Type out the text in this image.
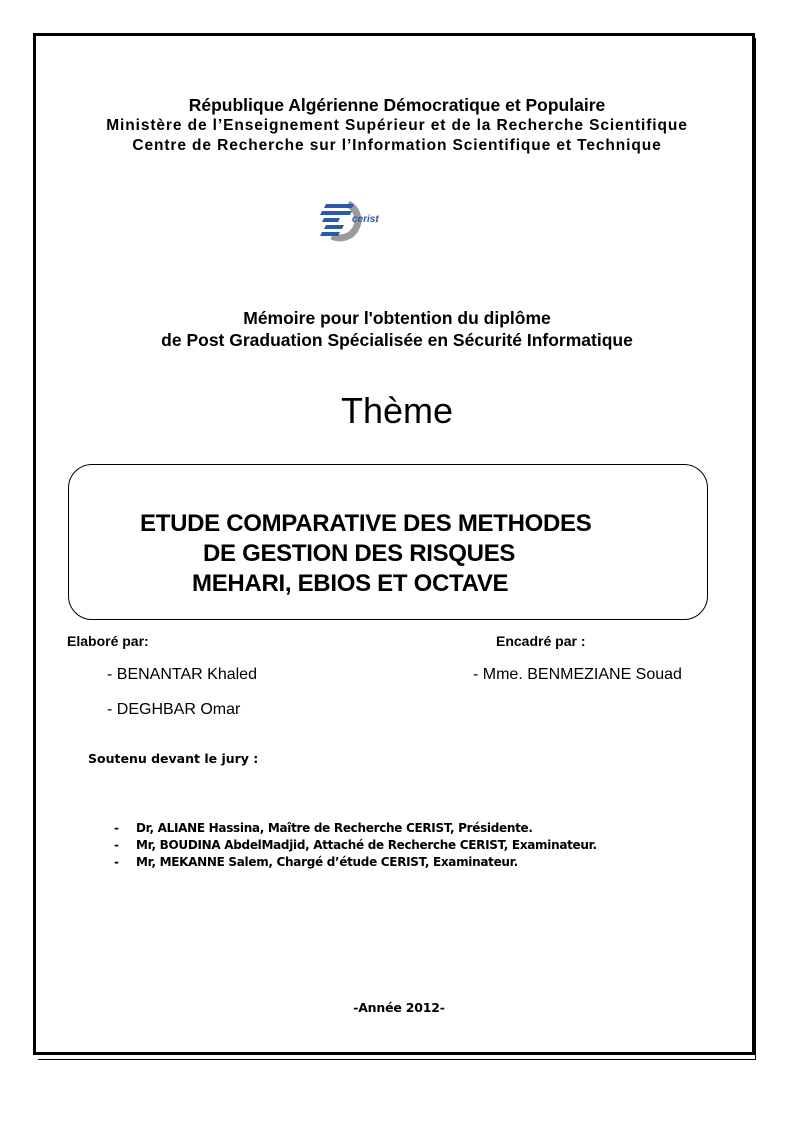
République Algérienne Démocratique et Populaire
Ministère de l’Enseignement Supérieur et de la Recherche Scientifique
Centre de Recherche sur l’Information Scientifique et Technique
cerist
Mémoire pour l'obtention du diplôme
de Post Graduation Spécialisée en Sécurité Informatique
Thème
ETUDE COMPARATIVE DES METHODES
DE GESTION DES RISQUES
MEHARI, EBIOS ET OCTAVE
Elaboré par:	Encadré par :
- BENANTAR Khaled
- DEGHBAR Omar
- Mme. BENMEZIANE Souad
Soutenu devant le jury :
- Dr, ALIANE Hassina, Maître de Recherche CERIST, Présidente.
- Mr, BOUDINA AbdelMadjid, Attaché de Recherche CERIST, Examinateur.
- Mr, MEKANNE Salem, Chargé d’étude CERIST, Examinateur.
-Année 2012-
